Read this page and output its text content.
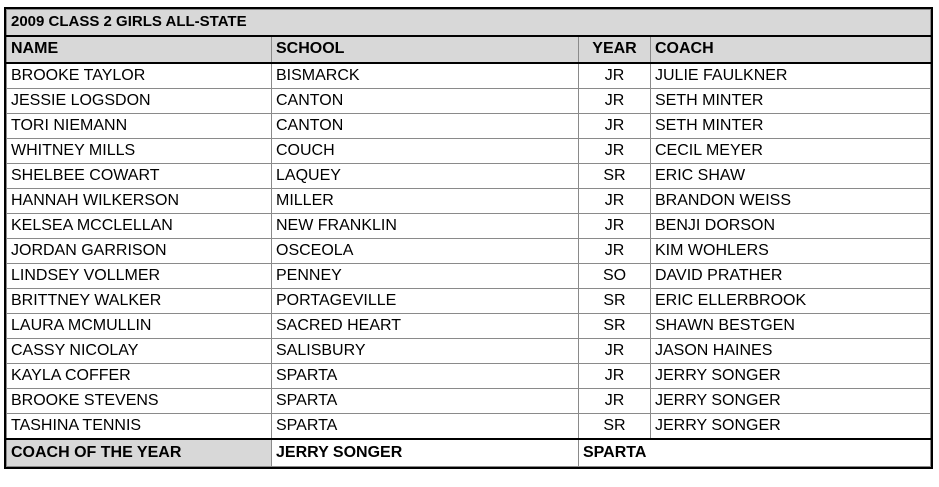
2009 CLASS 2 GIRLS ALL-STATE			
NAME	SCHOOL	YEAR	COACH
BROOKE TAYLOR	BISMARCK	JR	JULIE FAULKNER
JESSIE LOGSDON	CANTON	JR	SETH MINTER
TORI NIEMANN	CANTON	JR	SETH MINTER
WHITNEY MILLS	COUCH	JR	CECIL MEYER
SHELBEE COWART	LAQUEY	SR	ERIC SHAW
HANNAH WILKERSON	MILLER	JR	BRANDON WEISS
KELSEA MCCLELLAN	NEW FRANKLIN	JR	BENJI DORSON
JORDAN GARRISON	OSCEOLA	JR	KIM WOHLERS
LINDSEY VOLLMER	PENNEY	SO	DAVID PRATHER
BRITTNEY WALKER	PORTAGEVILLE	SR	ERIC ELLERBROOK
LAURA MCMULLIN	SACRED HEART	SR	SHAWN BESTGEN
CASSY NICOLAY	SALISBURY	JR	JASON HAINES
KAYLA COFFER	SPARTA	JR	JERRY SONGER
BROOKE STEVENS	SPARTA	JR	JERRY SONGER
TASHINA TENNIS	SPARTA	SR	JERRY SONGER
COACH OF THE YEAR	JERRY SONGER	SPARTA	
